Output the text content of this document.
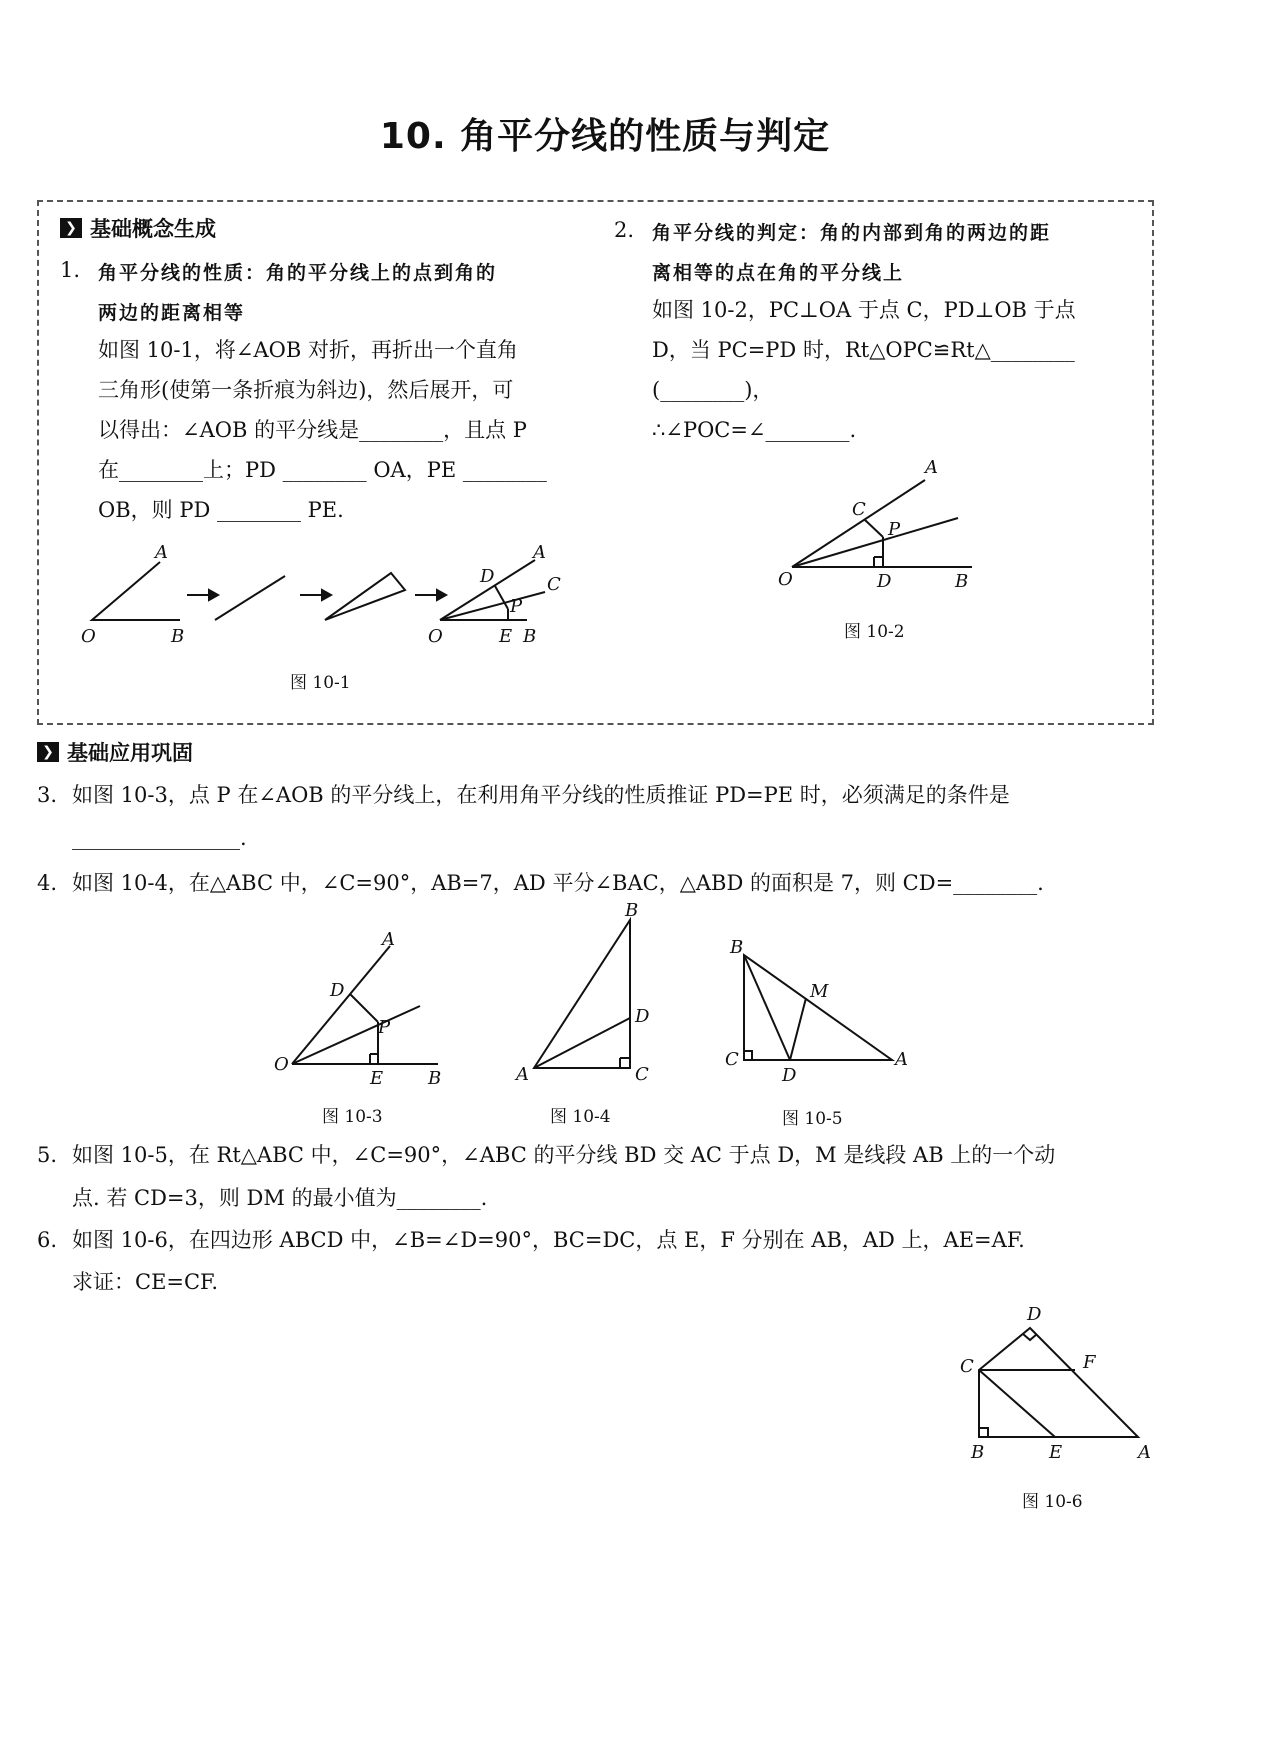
10. 角平分线的性质与判定
❯ 基础概念生成
1. 角平分线的性质：角的平分线上的点到角的
两边的距离相等
如图 10-1，将∠AOB 对折，再折出一个直角
三角形(使第一条折痕为斜边)，然后展开，可
以得出：∠AOB 的平分线是________，且点 P
在________上；PD ________ OA，PE ________
OB，则 PD ________ PE.
A
O	B
A
C
D
P
O	E B
图 10-1
2. 角平分线的判定：角的内部到角的两边的距
离相等的点在角的平分线上
如图 10-2，PC⊥OA 于点 C，PD⊥OB 于点
D，当 PC=PD 时，Rt△OPC≌Rt△________
(________)，
∴∠POC=∠________.
A
C
P
O	D	B
图 10-2
❯ 基础应用巩固
3. 如图 10-3，点 P 在∠AOB 的平分线上，在利用角平分线的性质推证 PD=PE 时，必须满足的条件是
________________.
4. 如图 10-4，在△ABC 中，∠C=90°，AB=7，AD 平分∠BAC，△ABD 的面积是 7，则 CD=________.
A
D
P
O
E B
图 10-3
B
D
C
A
图 10-4
B
M
C
D
A
图 10-5
5. 如图 10-5，在 Rt△ABC 中，∠C=90°，∠ABC 的平分线 BD 交 AC 于点 D，M 是线段 AB 上的一个动
点. 若 CD=3，则 DM 的最小值为________.
6. 如图 10-6，在四边形 ABCD 中，∠B=∠D=90°，BC=DC，点 E，F 分别在 AB，AD 上，AE=AF.
求证：CE=CF.
D
C	F
B	E	A
图 10-6
